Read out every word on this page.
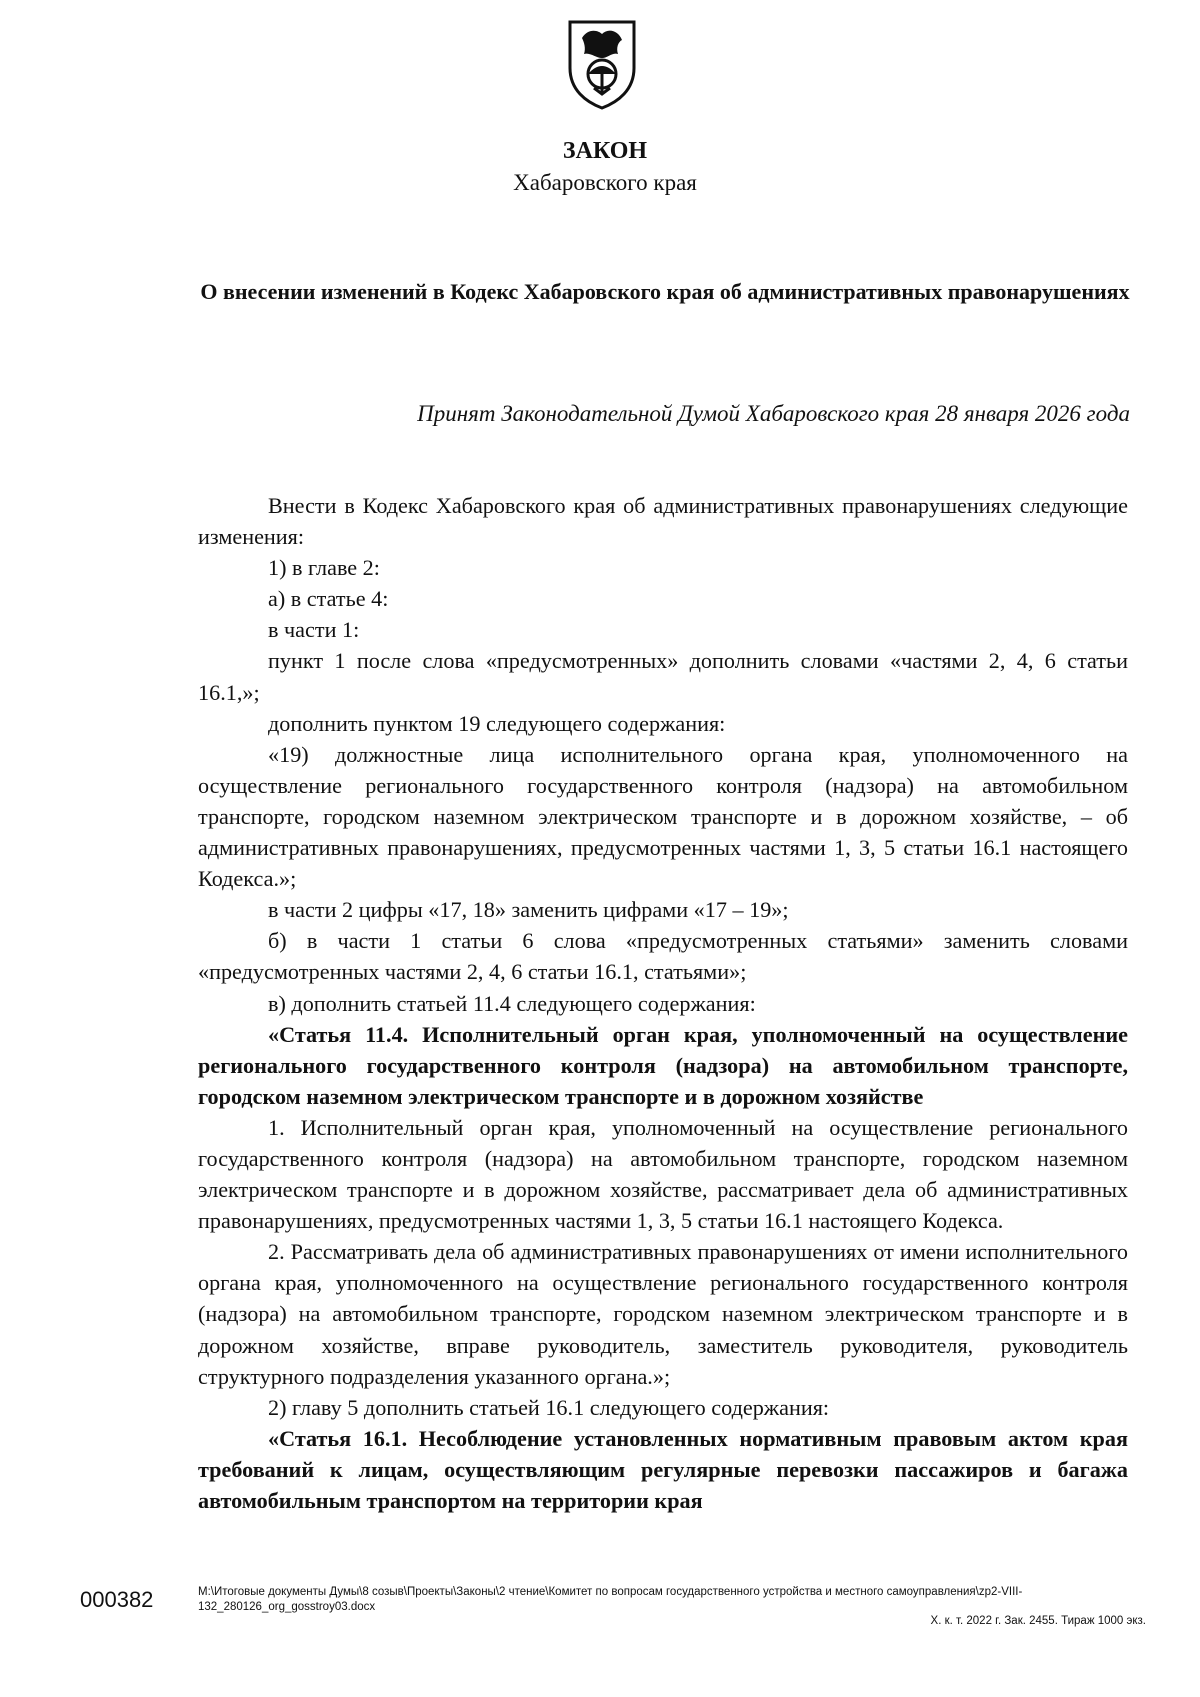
ЗАКОН
Хабаровского края
О внесении изменений в Кодекс Хабаровского края об административных правонарушениях
Принят Законодательной Думой Хабаровского края 28 января 2026 года

Внести в Кодекс Хабаровского края об административных правонарушениях следующие изменения:

1) в главе 2:

а) в статье 4:

в части 1:

пункт 1 после слова «предусмотренных» дополнить словами «частями 2, 4, 6 статьи 16.1,»;

дополнить пунктом 19 следующего содержания:

«19) должностные лица исполнительного органа края, уполномоченного на осуществление регионального государственного контроля (надзора) на автомобильном транспорте, городском наземном электрическом транспорте и в дорожном хозяйстве, – об административных правонарушениях, предусмотренных частями 1, 3, 5 статьи 16.1 настоящего Кодекса.»;

в части 2 цифры «17, 18» заменить цифрами «17 – 19»;

б) в части 1 статьи 6 слова «предусмотренных статьями» заменить словами «предусмотренных частями 2, 4, 6 статьи 16.1, статьями»;

в) дополнить статьей 11.4 следующего содержания:

«Статья 11.4. Исполнительный орган края, уполномоченный на осуществление регионального государственного контроля (надзора) на автомобильном транспорте, городском наземном электрическом транспорте и в дорожном хозяйстве

1. Исполнительный орган края, уполномоченный на осуществление регионального государственного контроля (надзора) на автомобильном транспорте, городском наземном электрическом транспорте и в дорожном хозяйстве, рассматривает дела об административных правонарушениях, предусмотренных частями 1, 3, 5 статьи 16.1 настоящего Кодекса.

2. Рассматривать дела об административных правонарушениях от имени исполнительного органа края, уполномоченного на осуществление регионального государственного контроля (надзора) на автомобильном транспорте, городском наземном электрическом транспорте и в дорожном хозяйстве, вправе руководитель, заместитель руководителя, руководитель структурного подразделения указанного органа.»;

2) главу 5 дополнить статьей 16.1 следующего содержания:

«Статья 16.1. Несоблюдение установленных нормативным правовым актом края требований к лицам, осуществляющим регулярные перевозки пассажиров и багажа автомобильным транспортом на территории края

000382	M:\Итоговые документы Думы\8 созыв\Проекты\Законы\2 чтение\Комитет по вопросам государственного устройства и местного самоуправления\zp2-VIII-132_280126_org_gosstroy03.docx
Х. к. т. 2022 г. Зак. 2455. Тираж 1000 экз.
